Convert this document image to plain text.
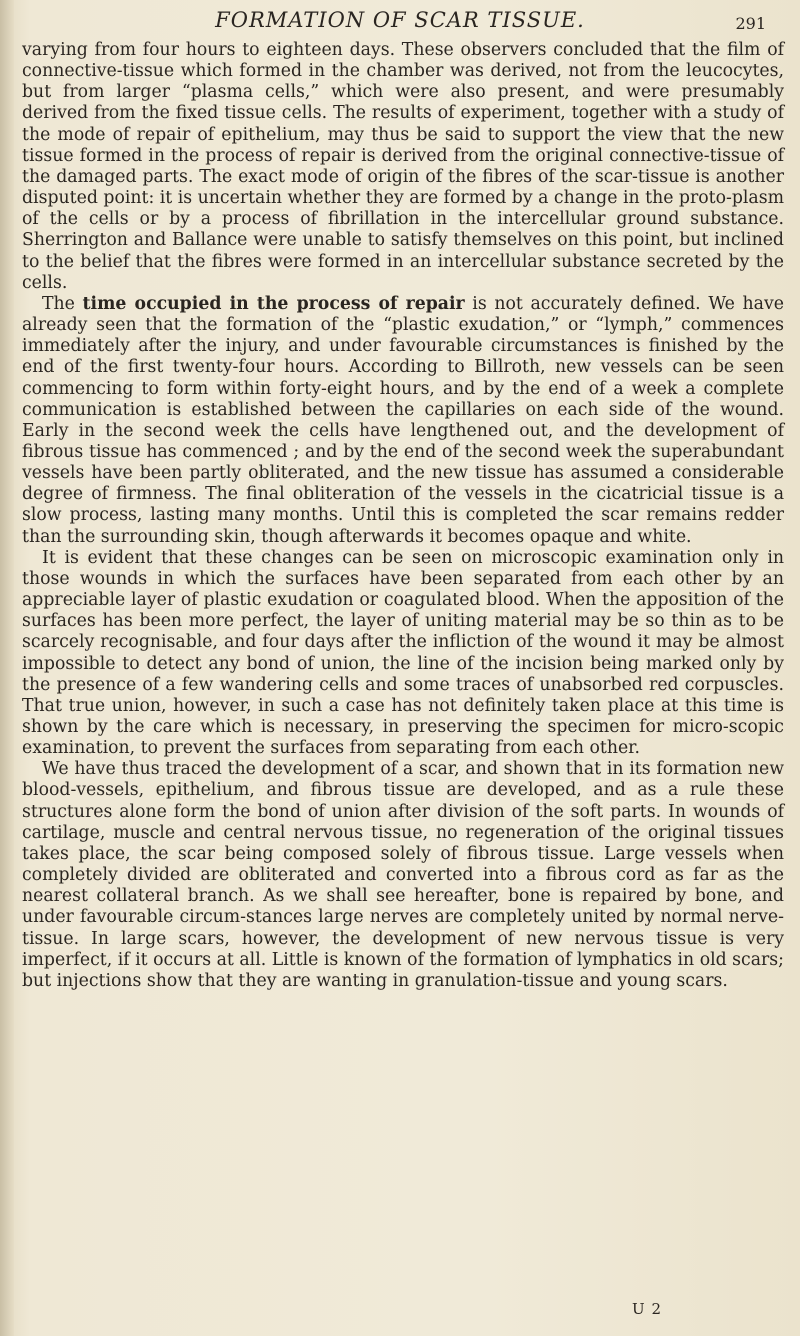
FORMATION OF SCAR TISSUE.	291

varying from four hours to eighteen days. These observers concluded that the film of connective-tissue which formed in the chamber was derived, not from the leucocytes, but from larger “plasma cells,” which were also present, and were presumably derived from the fixed tissue cells. The results of experiment, together with a study of the mode of repair of epithelium, may thus be said to support the view that the new tissue formed in the process of repair is derived from the original connective-tissue of the damaged parts. The exact mode of origin of the fibres of the scar-tissue is another disputed point: it is uncertain whether they are formed by a change in the proto-plasm of the cells or by a process of fibrillation in the intercellular ground substance. Sherrington and Ballance were unable to satisfy themselves on this point, but inclined to the belief that the fibres were formed in an intercellular substance secreted by the cells.

The time occupied in the process of repair is not accurately defined. We have already seen that the formation of the “plastic exudation,” or “lymph,” commences immediately after the injury, and under favourable circumstances is finished by the end of the first twenty-four hours. According to Billroth, new vessels can be seen commencing to form within forty-eight hours, and by the end of a week a complete communication is established between the capillaries on each side of the wound. Early in the second week the cells have lengthened out, and the development of fibrous tissue has commenced ; and by the end of the second week the superabundant vessels have been partly obliterated, and the new tissue has assumed a considerable degree of firmness. The final obliteration of the vessels in the cicatricial tissue is a slow process, lasting many months. Until this is completed the scar remains redder than the surrounding skin, though afterwards it becomes opaque and white.

It is evident that these changes can be seen on microscopic examination only in those wounds in which the surfaces have been separated from each other by an appreciable layer of plastic exudation or coagulated blood. When the apposition of the surfaces has been more perfect, the layer of uniting material may be so thin as to be scarcely recognisable, and four days after the infliction of the wound it may be almost impossible to detect any bond of union, the line of the incision being marked only by the presence of a few wandering cells and some traces of unabsorbed red corpuscles. That true union, however, in such a case has not definitely taken place at this time is shown by the care which is necessary, in preserving the specimen for micro-scopic examination, to prevent the surfaces from separating from each other.

We have thus traced the development of a scar, and shown that in its formation new blood-vessels, epithelium, and fibrous tissue are developed, and as a rule these structures alone form the bond of union after division of the soft parts. In wounds of cartilage, muscle and central nervous tissue, no regeneration of the original tissues takes place, the scar being composed solely of fibrous tissue. Large vessels when completely divided are obliterated and converted into a fibrous cord as far as the nearest collateral branch. As we shall see hereafter, bone is repaired by bone, and under favourable circum-stances large nerves are completely united by normal nerve-tissue. In large scars, however, the development of new nervous tissue is very imperfect, if it occurs at all. Little is known of the formation of lymphatics in old scars; but injections show that they are wanting in granulation-tissue and young scars.

U 2
